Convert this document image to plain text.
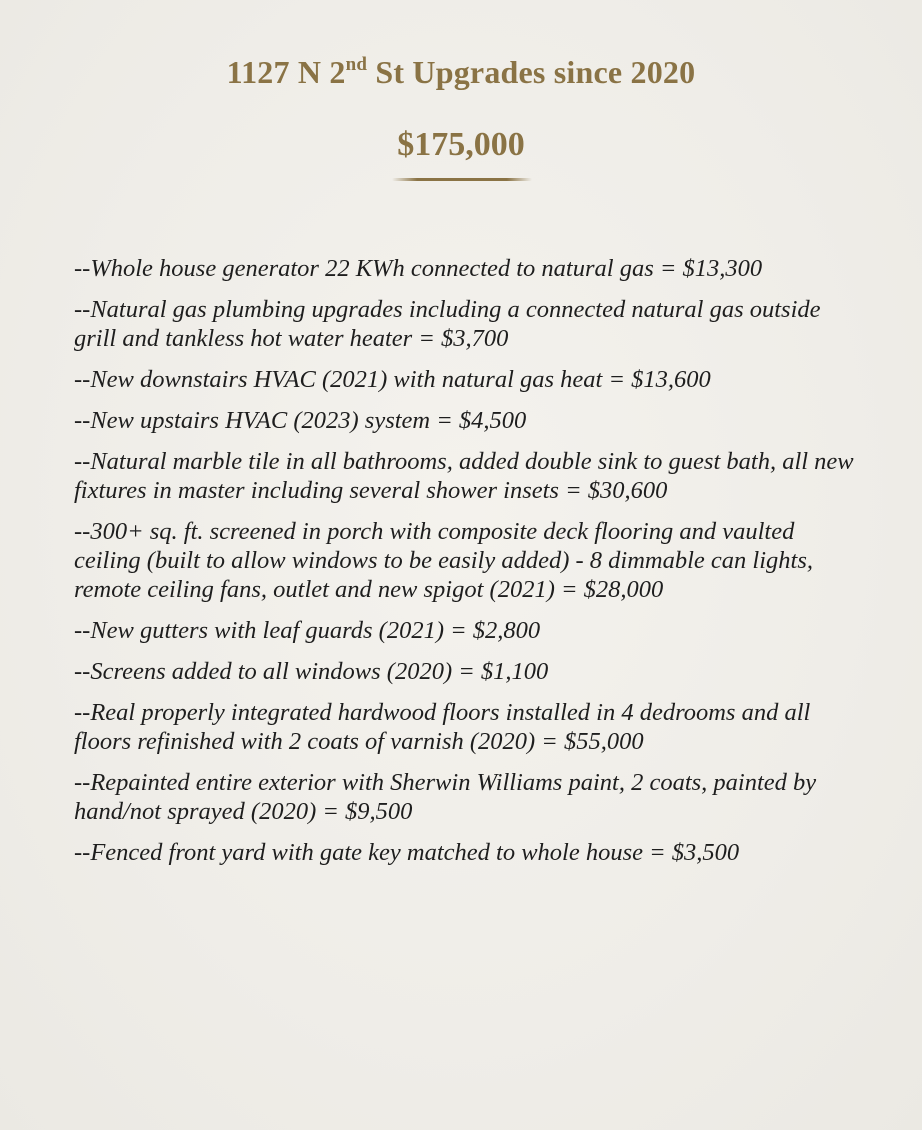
1127 N 2nd St Upgrades since 2020
$175,000
--Whole house generator 22 KWh connected to natural gas = $13,300
--Natural gas plumbing upgrades including a connected natural gas outside grill and tankless hot water heater = $3,700
--New downstairs HVAC (2021) with natural gas heat = $13,600
--New upstairs HVAC (2023) system = $4,500
--Natural marble tile in all bathrooms, added double sink to guest bath, all new fixtures in master including several shower insets = $30,600
--300+ sq. ft. screened in porch with composite deck flooring and vaulted ceiling (built to allow windows to be easily added) - 8 dimmable can lights, remote ceiling fans, outlet and new spigot (2021) = $28,000
--New gutters with leaf guards (2021) = $2,800
--Screens added to all windows (2020) = $1,100
--Real properly integrated hardwood floors installed in 4 dedrooms and all floors refinished with 2 coats of varnish (2020) = $55,000
--Repainted entire exterior with Sherwin Williams paint, 2 coats, painted by hand/not sprayed (2020) = $9,500
--Fenced front yard with gate key matched to whole house = $3,500
